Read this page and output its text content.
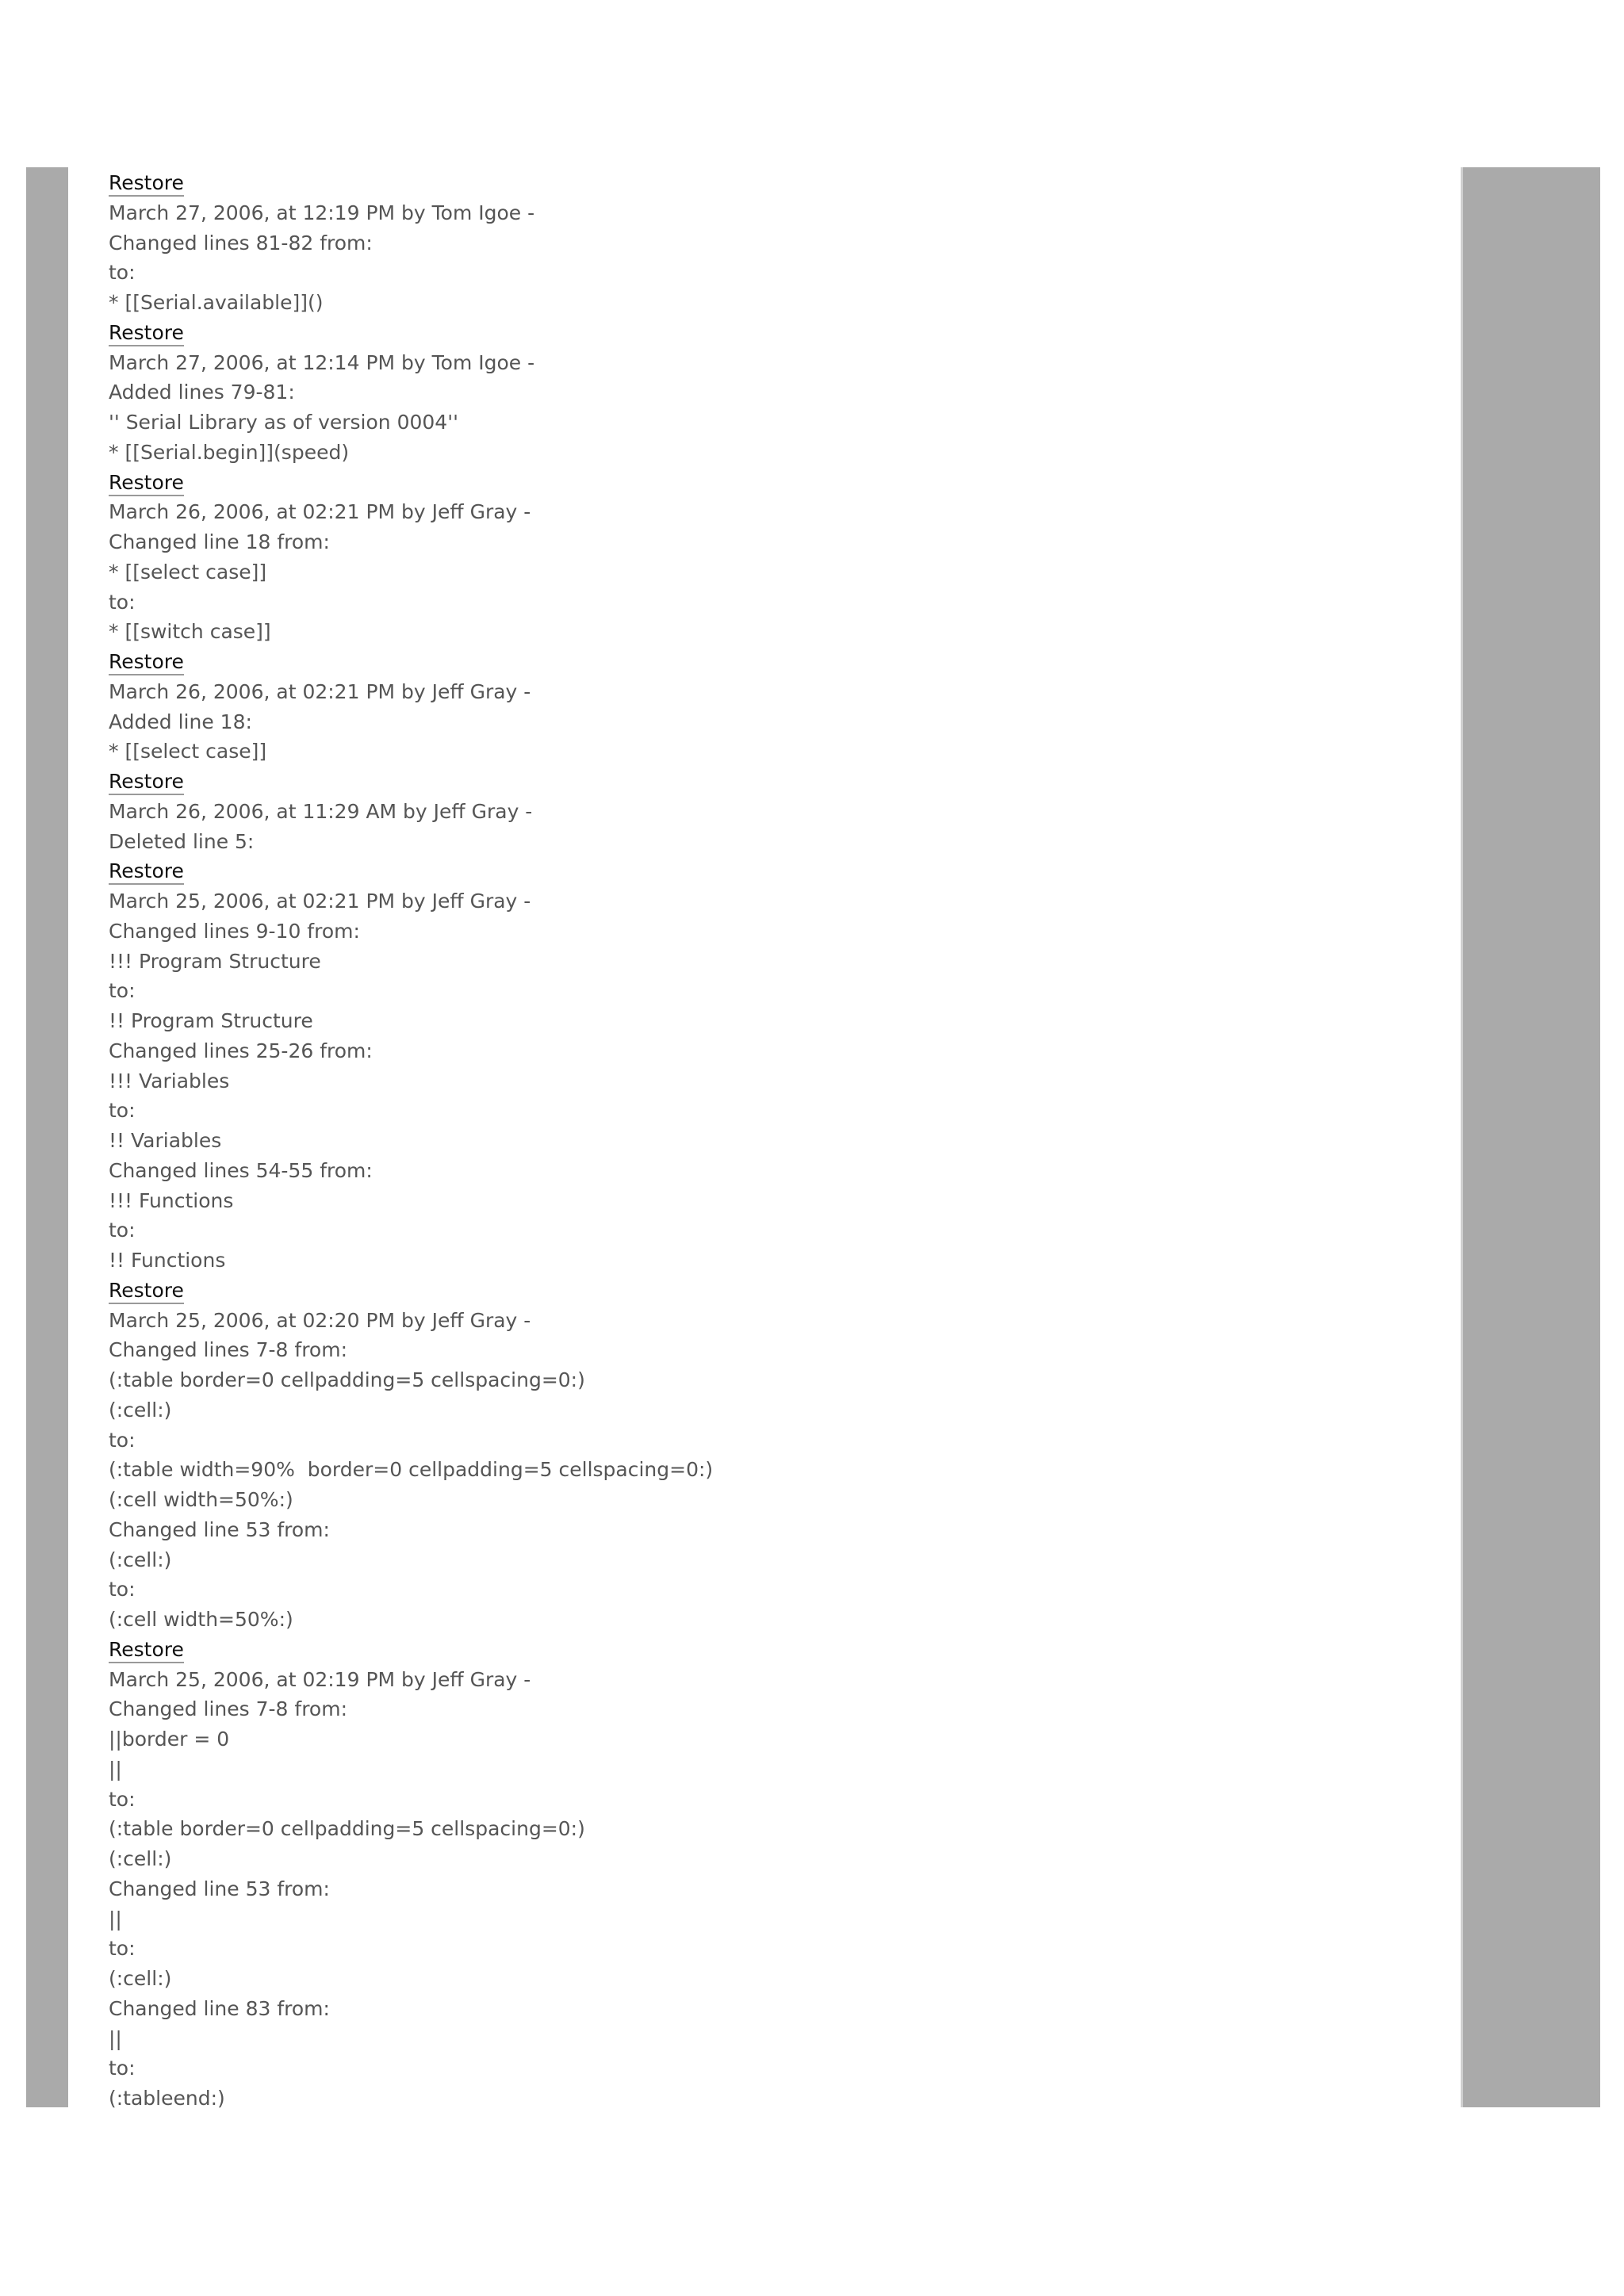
Restore
March 27, 2006, at 12:19 PM by Tom Igoe -
Changed lines 81-82 from:
to:
* [[Serial.available]]()
Restore
March 27, 2006, at 12:14 PM by Tom Igoe -
Added lines 79-81:
'' Serial Library as of version 0004''
* [[Serial.begin]](speed)
Restore
March 26, 2006, at 02:21 PM by Jeff Gray -
Changed line 18 from:
* [[select case]]
to:
* [[switch case]]
Restore
March 26, 2006, at 02:21 PM by Jeff Gray -
Added line 18:
* [[select case]]
Restore
March 26, 2006, at 11:29 AM by Jeff Gray -
Deleted line 5:
Restore
March 25, 2006, at 02:21 PM by Jeff Gray -
Changed lines 9-10 from:
!!! Program Structure
to:
!! Program Structure
Changed lines 25-26 from:
!!! Variables
to:
!! Variables
Changed lines 54-55 from:
!!! Functions
to:
!! Functions
Restore
March 25, 2006, at 02:20 PM by Jeff Gray -
Changed lines 7-8 from:
(:table border=0 cellpadding=5 cellspacing=0:)
(:cell:)
to:
(:table width=90%  border=0 cellpadding=5 cellspacing=0:)
(:cell width=50%:)
Changed line 53 from:
(:cell:)
to:
(:cell width=50%:)
Restore
March 25, 2006, at 02:19 PM by Jeff Gray -
Changed lines 7-8 from:
||border = 0
||
to:
(:table border=0 cellpadding=5 cellspacing=0:)
(:cell:)
Changed line 53 from:
||
to:
(:cell:)
Changed line 83 from:
||
to:
(:tableend:)
